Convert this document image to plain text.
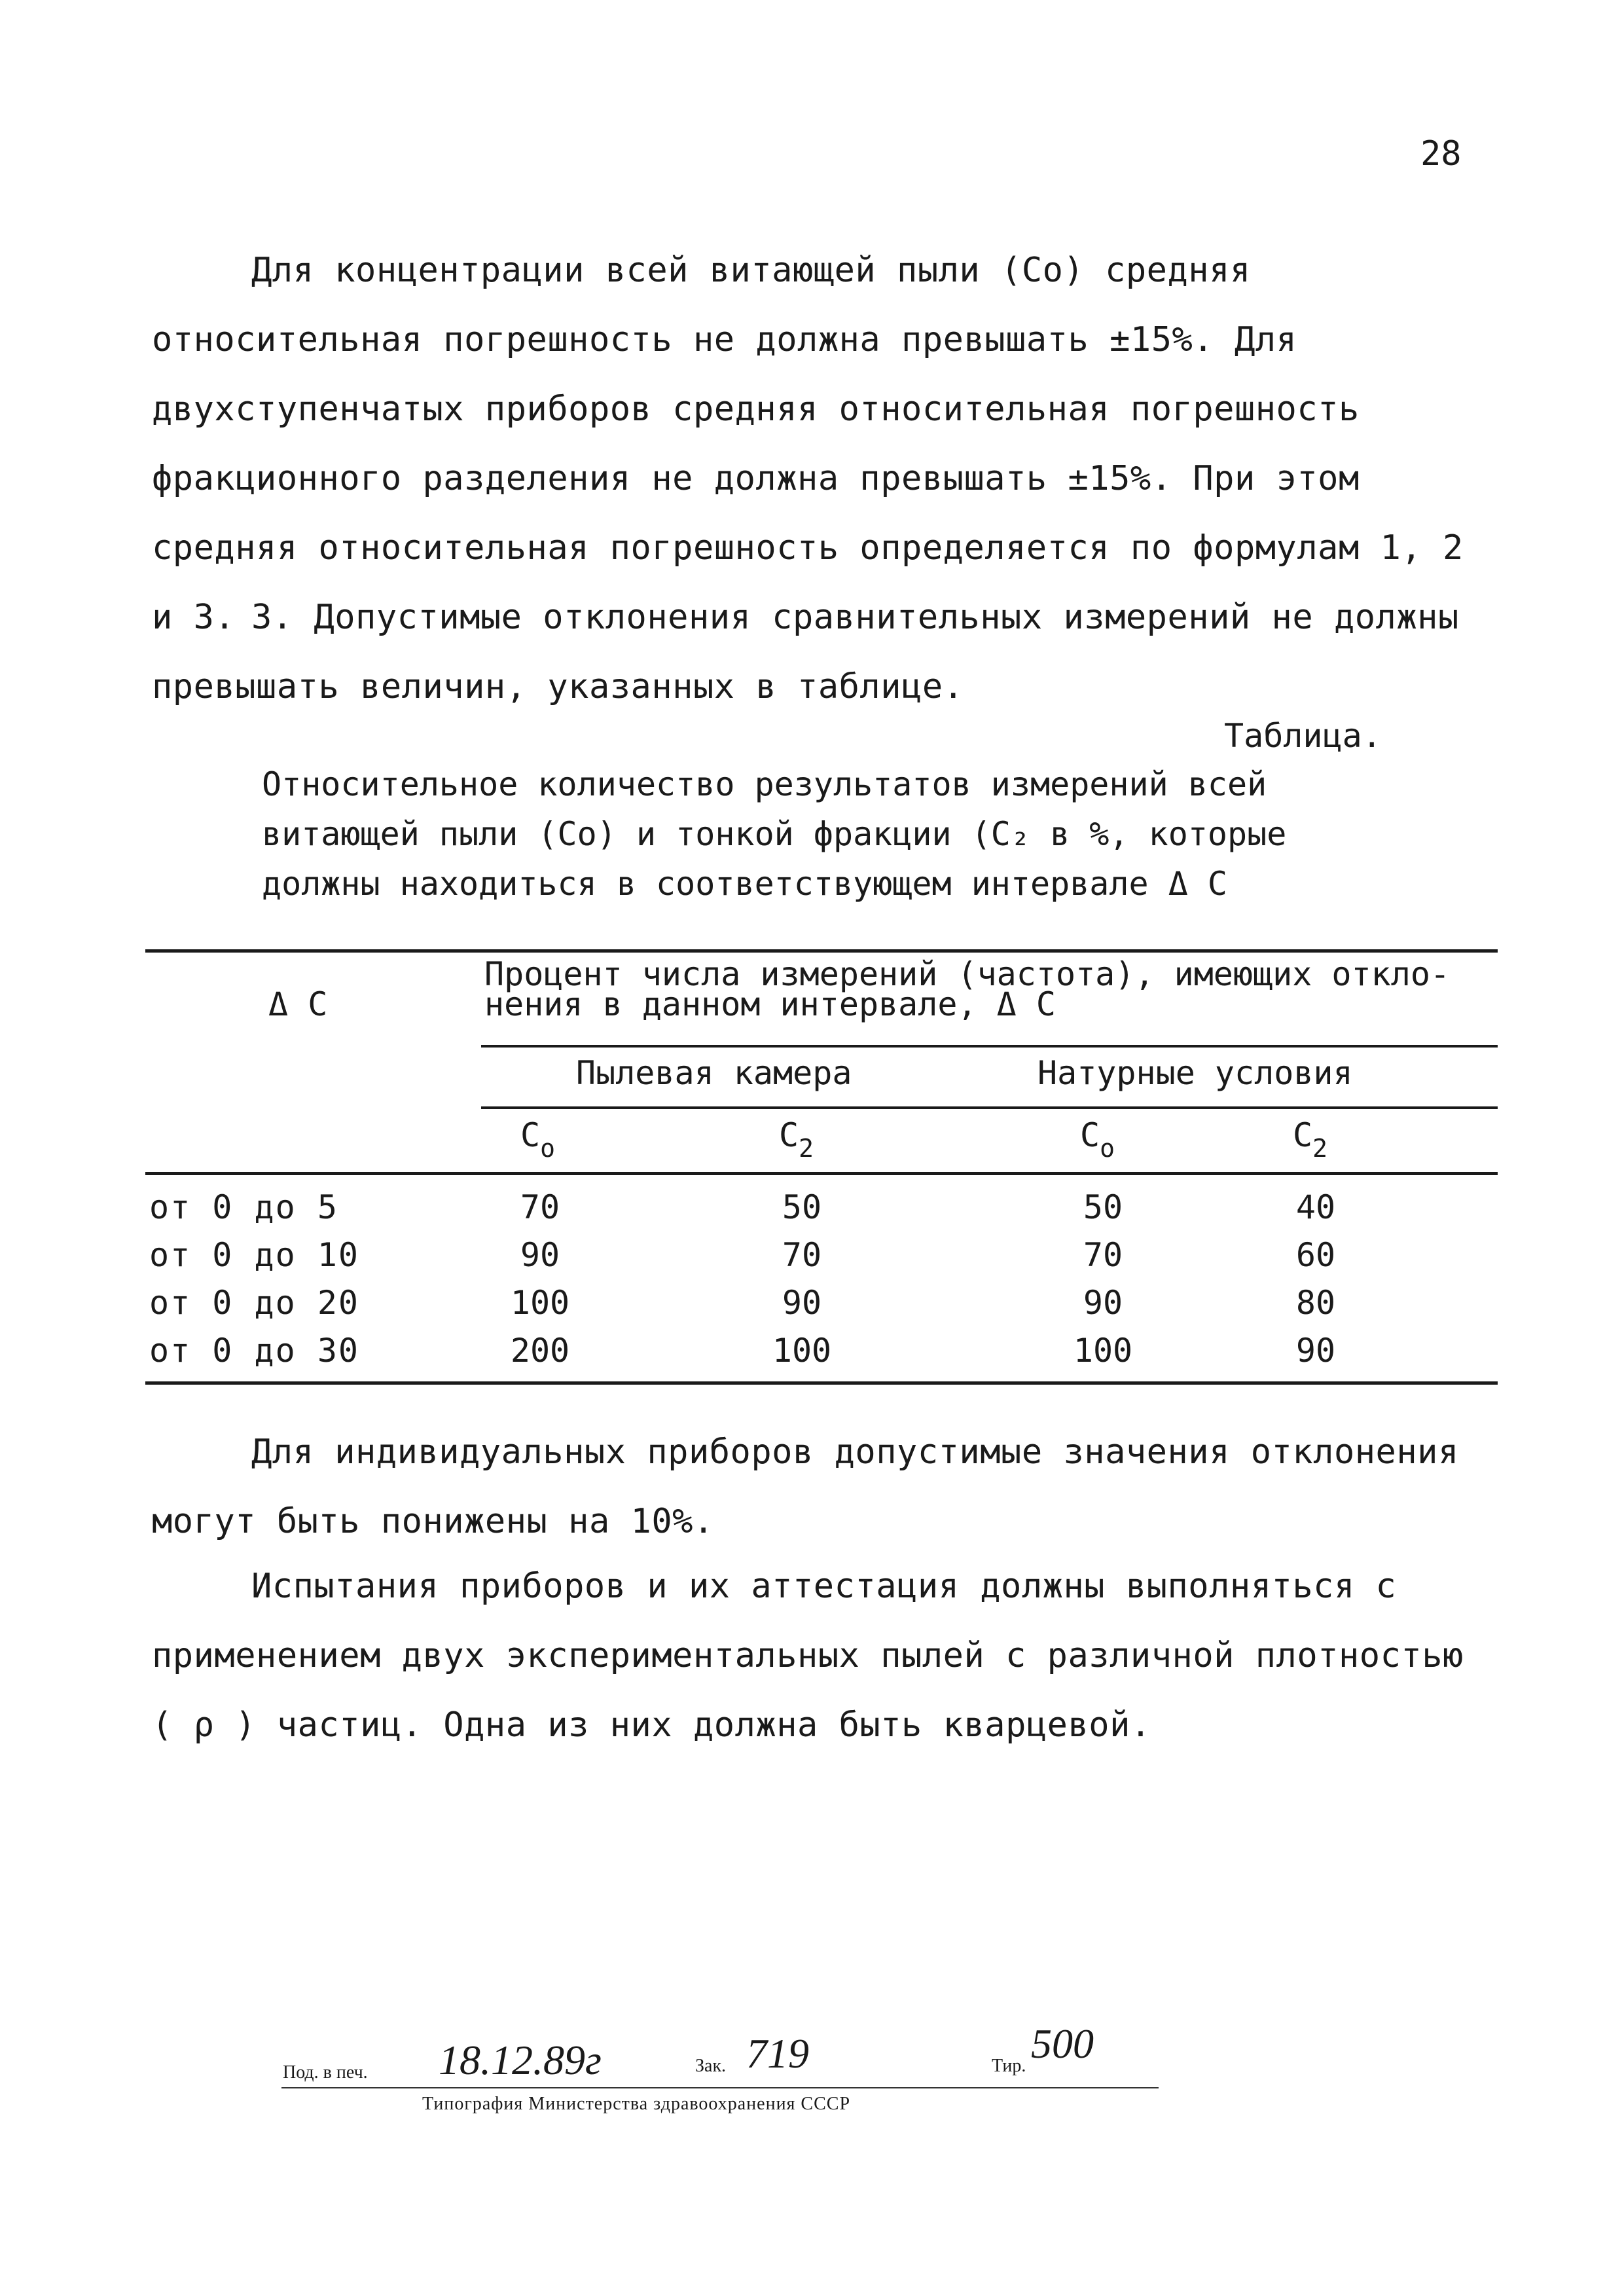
28

Для концентрации всей витающей пыли (Со) средняя относительная погрешность не должна превышать ±15%. Для двухступенчатых приборов средняя относительная погрешность фракционного разделения не должна превышать ±15%. При этом средняя относительная погрешность определяется по формулам 1, 2 и 3. 3. Допустимые отклонения сравнительных измерений не должны превышать величин, указанных в таблице.

Таблица.
Относительное количество результатов измерений всей
витающей пыли (Со) и тонкой фракции (С₂ в %, которые
должны находиться в соответствующем интервале Δ С
Δ С
Процент числа измерений (частота), имеющих откло-
нения в данном интервале, Δ С
Пылевая камера	Натурные условия
$С_о$	$С_2$	$С_о$	$С_2$
от 0 до 5	70	50	50	40
от 0 до 10	90	70	70	60
от 0 до 20	100	90	90	80
от 0 до 30	200	100	100	90

Для индивидуальных приборов допустимые значения отклонения могут быть понижены на 10%.

Испытания приборов и их аттестация должны выполняться с применением двух экспериментальных пылей с различной плотностью ( ρ ) частиц. Одна из них должна быть кварцевой.

Под. в печ. 18.12.89г	Зак. 719	Тир. 500
Типография Министерства здравоохранения СССР
